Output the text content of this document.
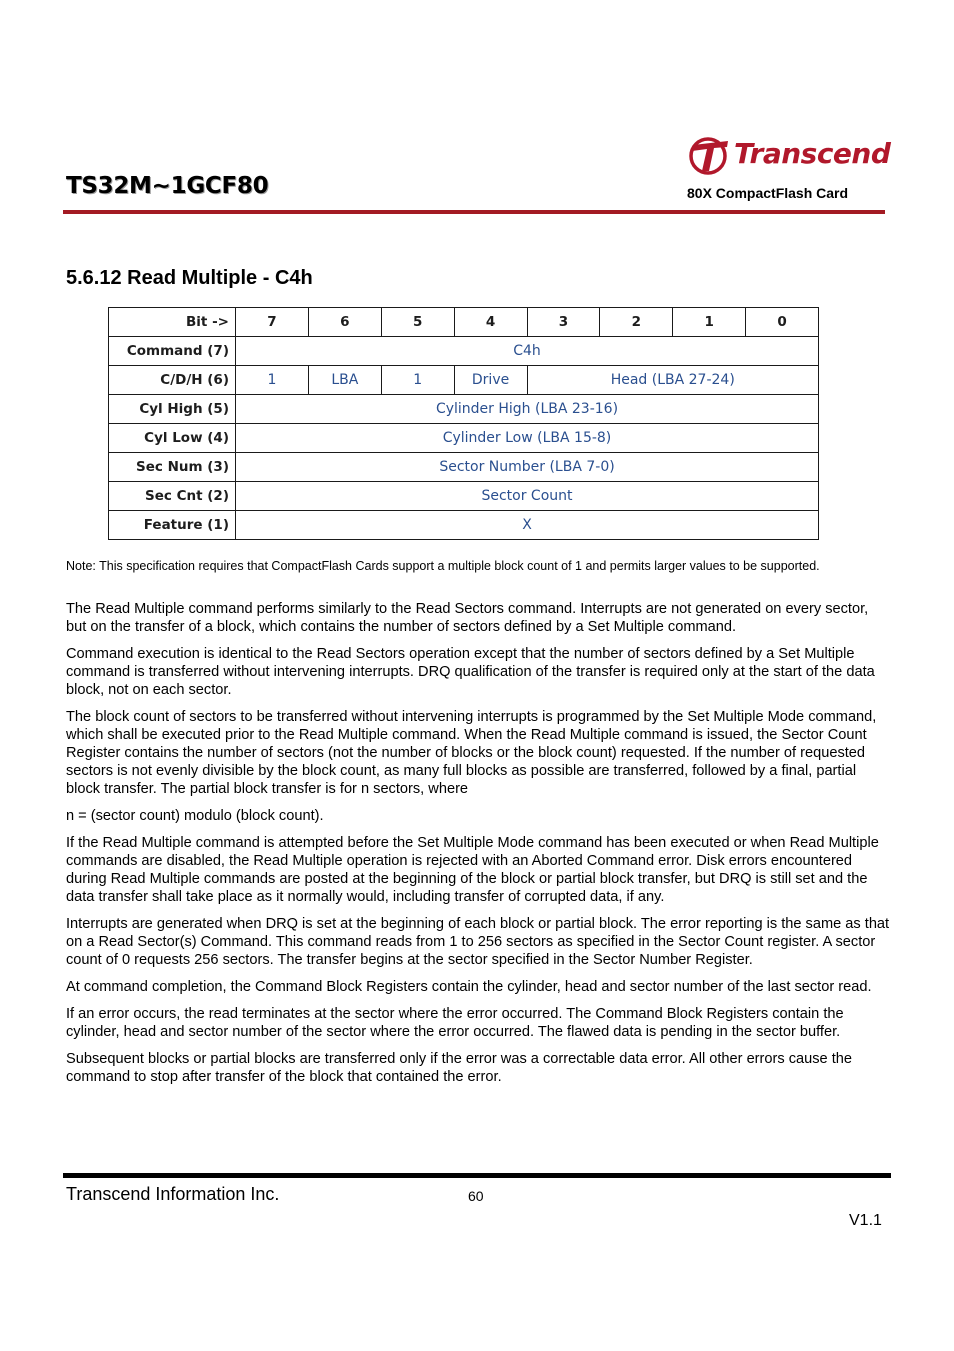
Transcend
TS32M~1GCF80	80X CompactFlash Card
5.6.12 Read Multiple - C4h
Bit ->	7	6	5	4	3	2	1	0
Command (7)	C4h							
C/D/H (6)	1	LBA	1	Drive	Head (LBA 27-24)			
Cyl High (5)	Cylinder High (LBA 23-16)							
Cyl Low (4)	Cylinder Low (LBA 15-8)							
Sec Num (3)	Sector Number (LBA 7-0)							
Sec Cnt (2)	Sector Count							
Feature (1)	X							
Note: This specification requires that CompactFlash Cards support a multiple block count of 1 and permits larger values to be supported.

The Read Multiple command performs similarly to the Read Sectors command. Interrupts are not generated on every sector, but on the transfer of a block, which contains the number of sectors defined by a Set Multiple command.

Command execution is identical to the Read Sectors operation except that the number of sectors defined by a Set Multiple command is transferred without intervening interrupts. DRQ qualification of the transfer is required only at the start of the data block, not on each sector.

The block count of sectors to be transferred without intervening interrupts is programmed by the Set Multiple Mode command, which shall be executed prior to the Read Multiple command. When the Read Multiple command is issued, the Sector Count Register contains the number of sectors (not the number of blocks or the block count) requested. If the number of requested sectors is not evenly divisible by the block count, as many full blocks as possible are transferred, followed by a final, partial block transfer. The partial block transfer is for n sectors, where

n = (sector count) modulo (block count).

If the Read Multiple command is attempted before the Set Multiple Mode command has been executed or when Read Multiple commands are disabled, the Read Multiple operation is rejected with an Aborted Command error. Disk errors encountered during Read Multiple commands are posted at the beginning of the block or partial block transfer, but DRQ is still set and the data transfer shall take place as it normally would, including transfer of corrupted data, if any.

Interrupts are generated when DRQ is set at the beginning of each block or partial block. The error reporting is the same as that on a Read Sector(s) Command. This command reads from 1 to 256 sectors as specified in the Sector Count register. A sector count of 0 requests 256 sectors. The transfer begins at the sector specified in the Sector Number Register.

At command completion, the Command Block Registers contain the cylinder, head and sector number of the last sector read.

If an error occurs, the read terminates at the sector where the error occurred. The Command Block Registers contain the cylinder, head and sector number of the sector where the error occurred. The flawed data is pending in the sector buffer.

Subsequent blocks or partial blocks are transferred only if the error was a correctable data error. All other errors cause the command to stop after transfer of the block that contained the error.

Transcend Information Inc.	60
V1.1
